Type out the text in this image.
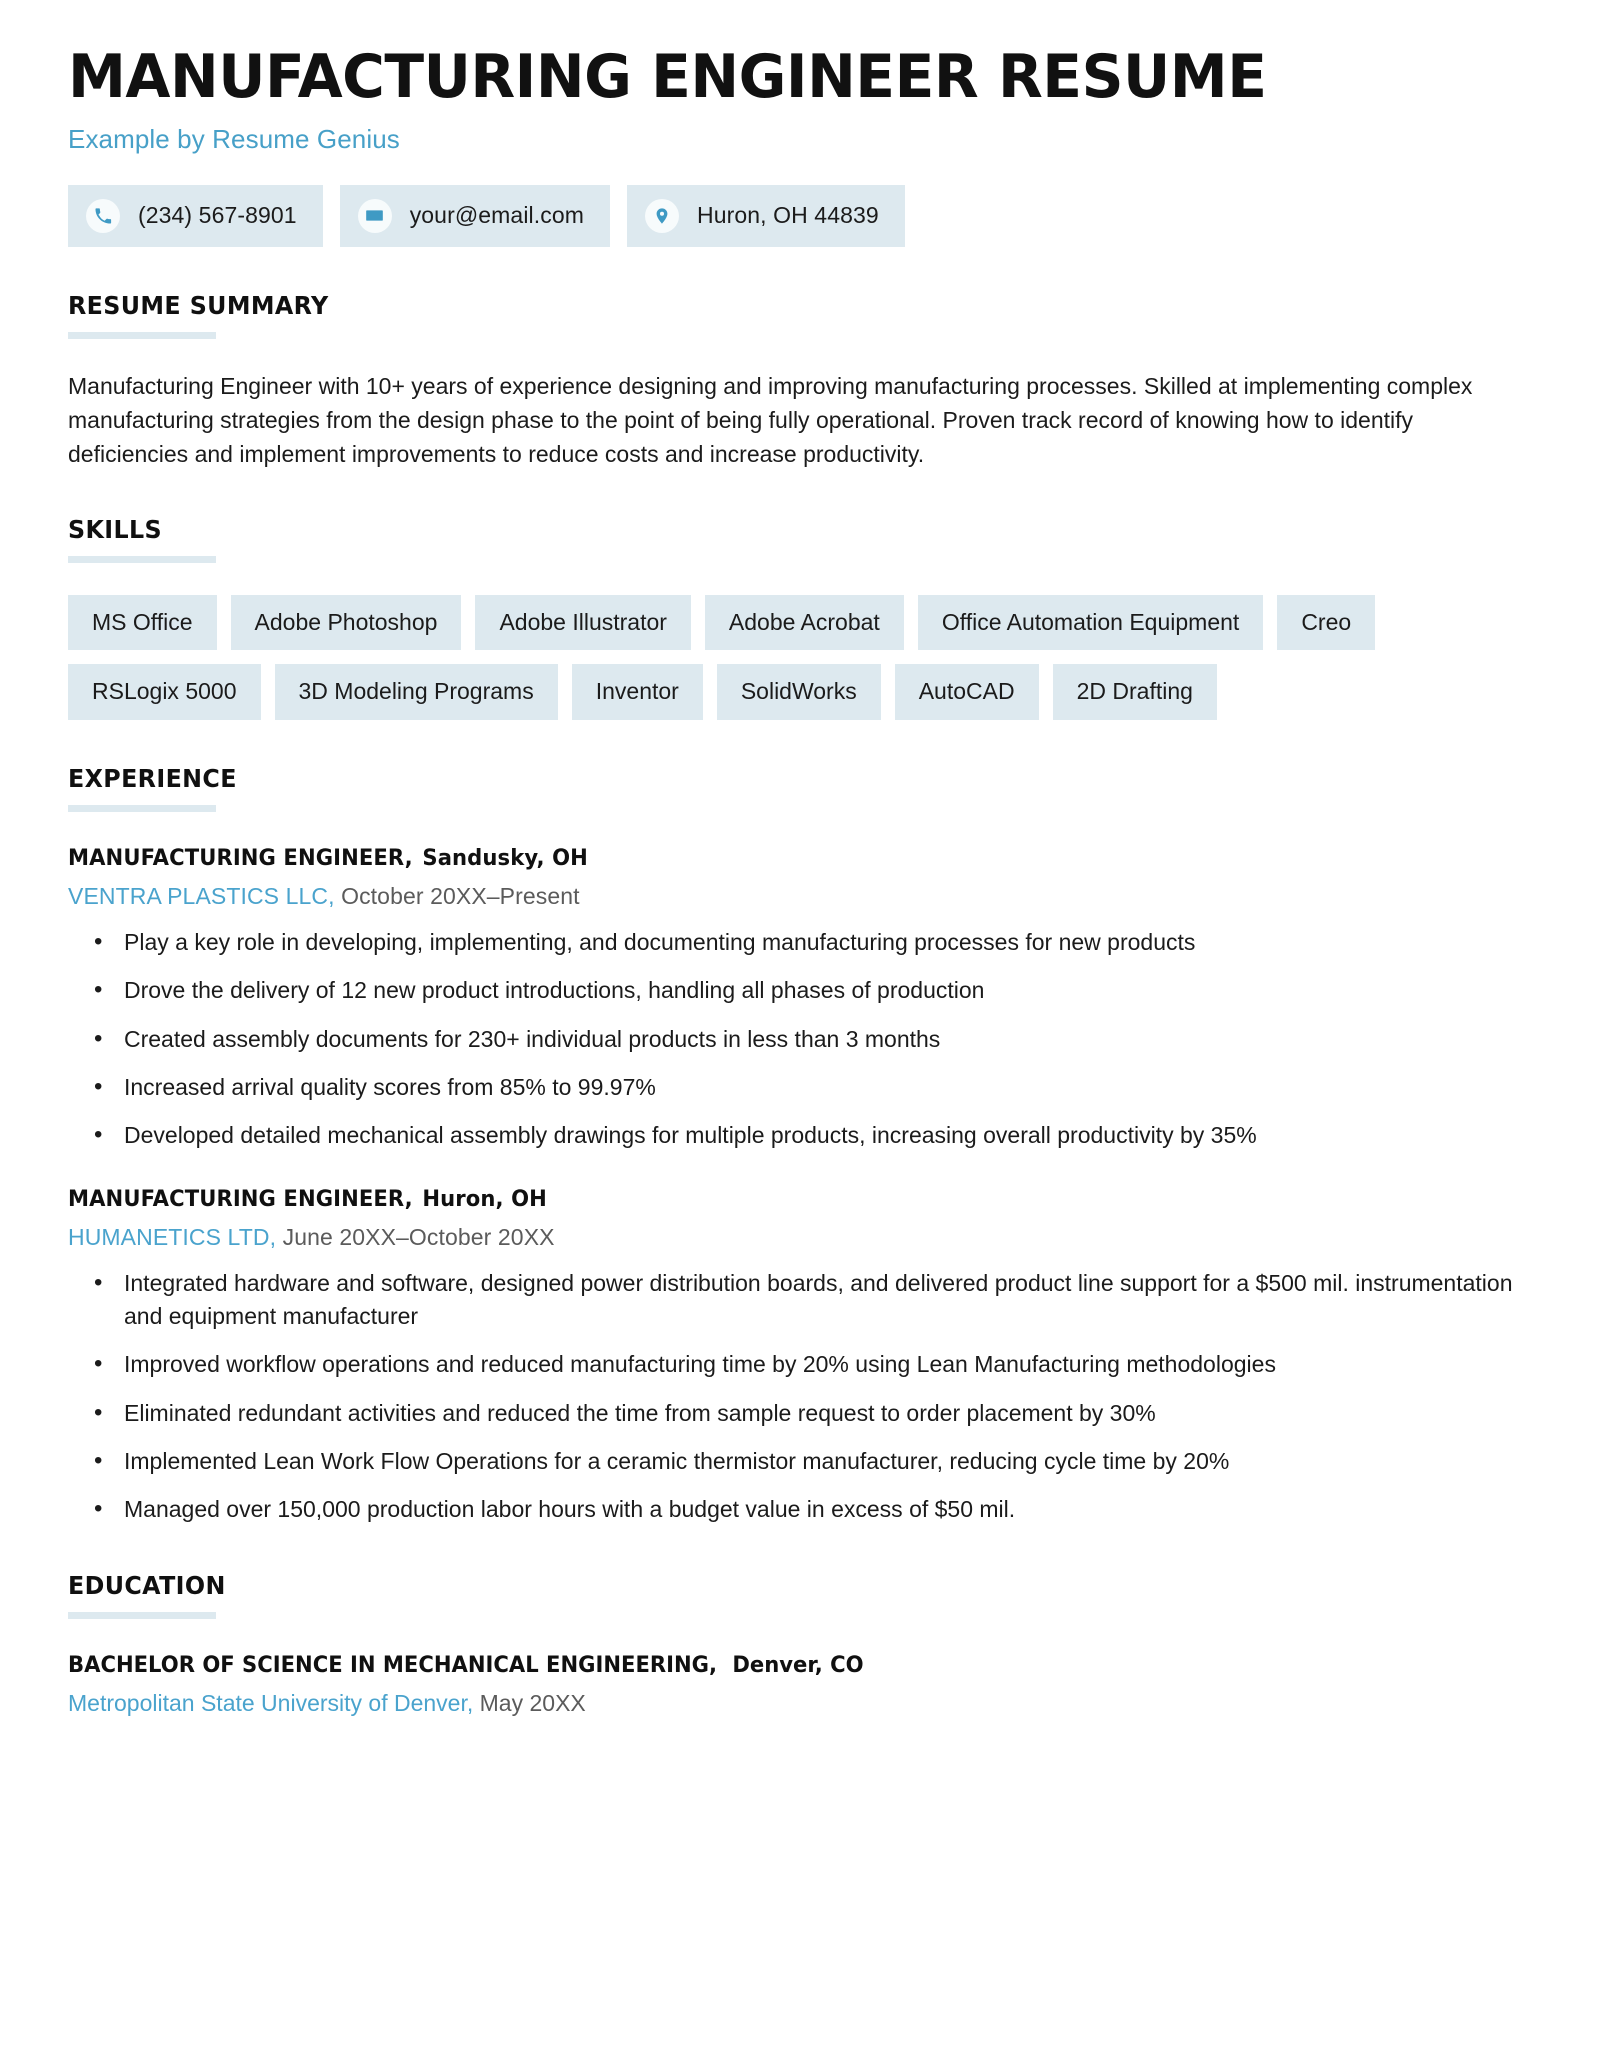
MANUFACTURING ENGINEER RESUME
Example by Resume Genius
(234) 567-8901	your@email.com	Huron, OH 44839
RESUME SUMMARY

Manufacturing Engineer with 10+ years of experience designing and improving manufacturing processes. Skilled at implementing complex manufacturing strategies from the design phase to the point of being fully operational. Proven track record of knowing how to identify deficiencies and implement improvements to reduce costs and increase productivity.

SKILLS
MS Office	Adobe Photoshop	Adobe Illustrator	Adobe Acrobat	Office Automation Equipment	Creo
RSLogix 5000	3D Modeling Programs	Inventor	SolidWorks	AutoCAD	2D Drafting
EXPERIENCE
MANUFACTURING ENGINEER, Sandusky, OH
VENTRA PLASTICS LLC, October 20XX–Present
• Play a key role in developing, implementing, and documenting manufacturing processes for new products
• Drove the delivery of 12 new product introductions, handling all phases of production
• Created assembly documents for 230+ individual products in less than 3 months
• Increased arrival quality scores from 85% to 99.97%
• Developed detailed mechanical assembly drawings for multiple products, increasing overall productivity by 35%
MANUFACTURING ENGINEER, Huron, OH
HUMANETICS LTD, June 20XX–October 20XX
• Integrated hardware and software, designed power distribution boards, and delivered product line support for a $500 mil. instrumentation and equipment manufacturer
• Improved workflow operations and reduced manufacturing time by 20% using Lean Manufacturing methodologies
• Eliminated redundant activities and reduced the time from sample request to order placement by 30%
• Implemented Lean Work Flow Operations for a ceramic thermistor manufacturer, reducing cycle time by 20%
• Managed over 150,000 production labor hours with a budget value in excess of $50 mil.
EDUCATION
BACHELOR OF SCIENCE IN MECHANICAL ENGINEERING, Denver, CO
Metropolitan State University of Denver, May 20XX
